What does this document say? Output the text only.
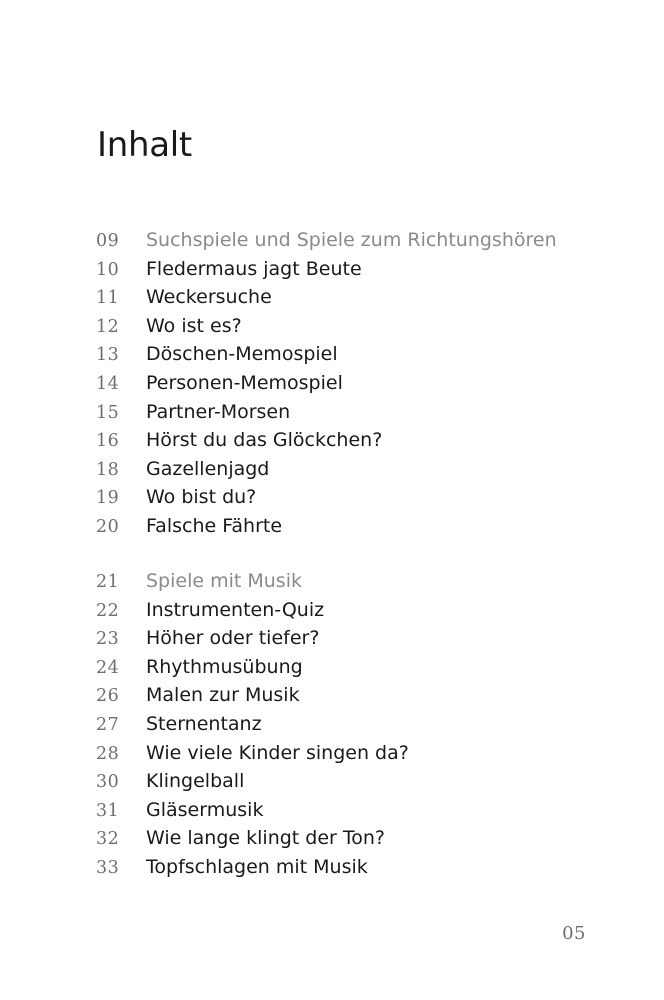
Inhalt
09	Suchspiele und Spiele zum Richtungshören
10	Fledermaus jagt Beute
11	Weckersuche
12	Wo ist es?
13	Döschen-Memospiel
14	Personen-Memospiel
15	Partner-Morsen
16	Hörst du das Glöckchen?
18	Gazellenjagd
19	Wo bist du?
20	Falsche Fährte
21	Spiele mit Musik
22	Instrumenten-Quiz
23	Höher oder tiefer?
24	Rhythmusübung
26	Malen zur Musik
27	Sternentanz
28	Wie viele Kinder singen da?
30	Klingelball
31	Gläsermusik
32	Wie lange klingt der Ton?
33	Topfschlagen mit Musik
05
